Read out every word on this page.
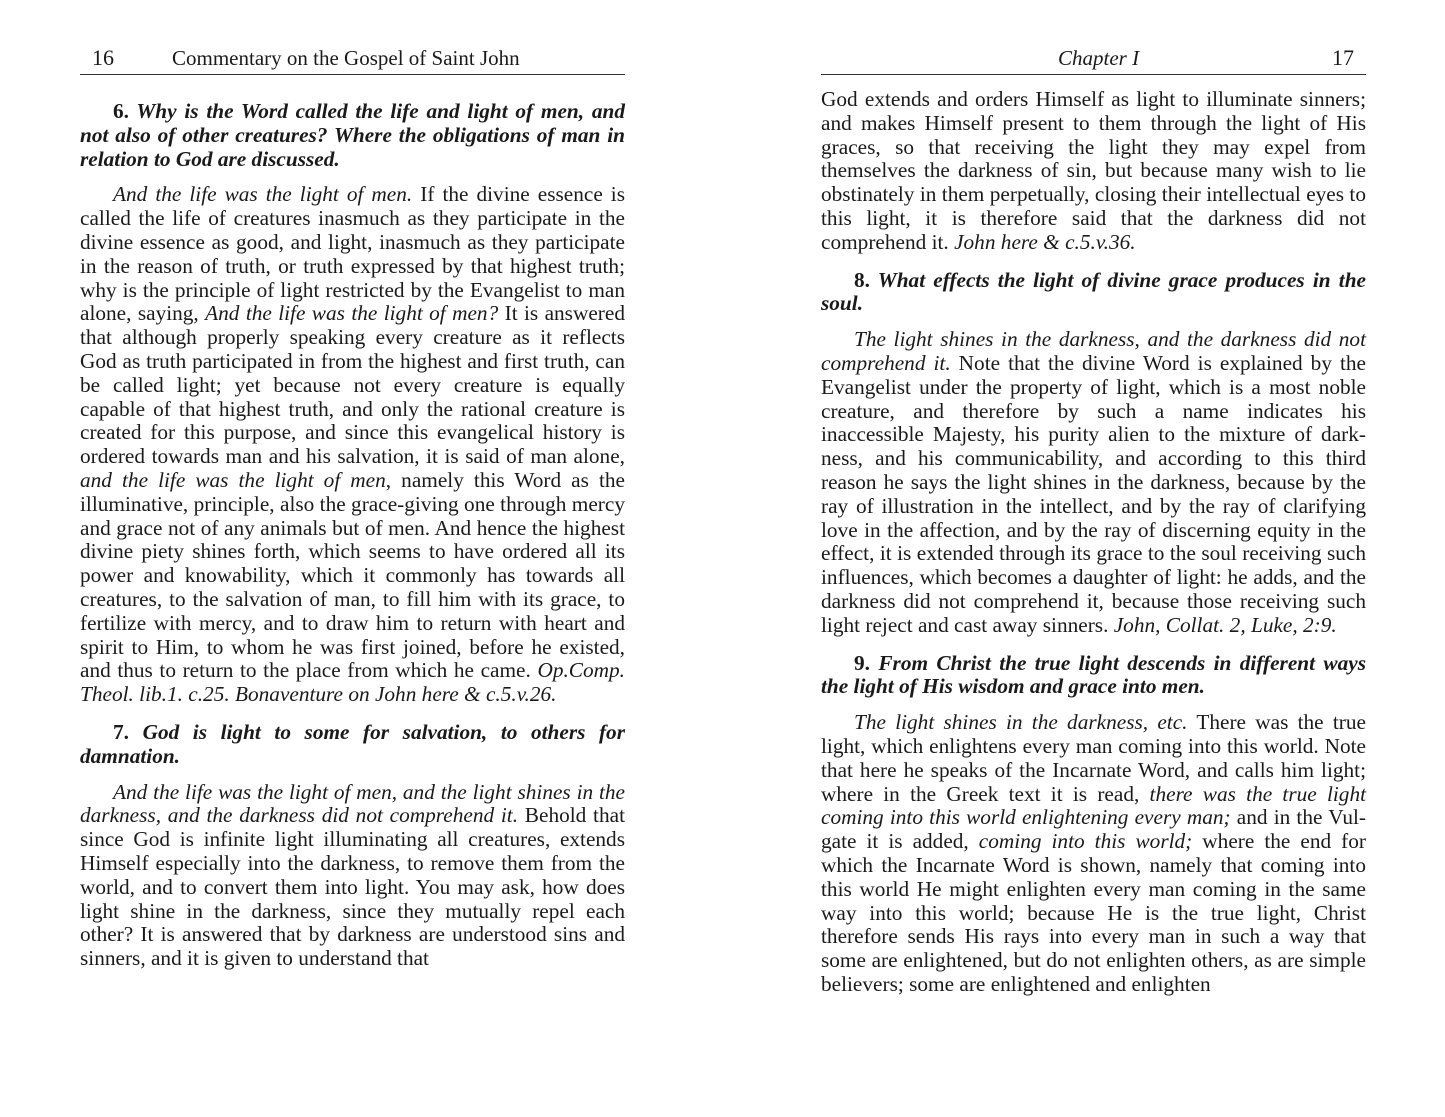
16	Commentary on the Gospel of Saint John

6. Why is the Word called the life and light of men, and not also of other creatures? Where the obligations of man in relation to God are discussed.

And the life was the light of men. If the divine essence is called the life of creatures inasmuch as they participate in the divine essence as good, and light, inasmuch as they participate in the reason of truth, or truth expressed by that highest truth; why is the principle of light restricted by the Evangelist to man alone, saying, And the life was the light of men? It is answered that although properly speaking every creature as it reflects God as truth participated in from the highest and first truth, can be called light; yet because not every creature is equally capable of that highest truth, and only the rational creature is created for this purpose, and since this evangelical history is ordered towards man and his salvation, it is said of man alone, and the life was the light of men, namely this Word as the illuminative, principle, also the grace-giving one through mercy and grace not of any animals but of men. And hence the highest divine piety shines forth, which seems to have ordered all its power and knowability, which it commonly has towards all creatures, to the salvation of man, to fill him with its grace, to fertilize with mercy, and to draw him to return with heart and spirit to Him, to whom he was first joined, before he existed, and thus to return to the place from which he came. Op.Comp. Theol. lib.1. c.25. Bonaventure on John here & c.5.v.26.

7. God is light to some for salvation, to others for damnation.

And the life was the light of men, and the light shines in the darkness, and the darkness did not comprehend it. Behold that since God is infinite light illuminating all creatures, extends Himself especially into the darkness, to remove them from the world, and to convert them into light. You may ask, how does light shine in the darkness, since they mutually repel each other? It is answered that by darkness are understood sins and sinners, and it is given to understand that

Chapter I	17

God extends and orders Himself as light to illuminate sinners; and makes Himself present to them through the light of His graces, so that receiving the light they may expel from themselves the darkness of sin, but because many wish to lie obstinately in them perpetually, closing their intellectual eyes to this light, it is therefore said that the darkness did not comprehend it. John here & c.5.v.36.

8. What effects the light of divine grace produces in the soul.

The light shines in the darkness, and the darkness did not comprehend it. Note that the divine Word is explained by the Evangelist under the property of light, which is a most noble creature, and therefore by such a name indicates his inaccessible Majesty, his purity alien to the mixture of darkness, and his communicability, and according to this third reason he says the light shines in the darkness, because by the ray of illustration in the intellect, and by the ray of clarifying love in the affection, and by the ray of discerning equity in the effect, it is extended through its grace to the soul receiving such influences, which becomes a daughter of light: he adds, and the darkness did not comprehend it, because those receiving such light reject and cast away sinners. John, Collat. 2, Luke, 2:9.

9. From Christ the true light descends in different ways the light of His wisdom and grace into men.

The light shines in the darkness, etc. There was the true light, which enlightens every man coming into this world. Note that here he speaks of the Incarnate Word, and calls him light; where in the Greek text it is read, there was the true light coming into this world enlightening every man; and in the Vulgate it is added, coming into this world; where the end for which the Incarnate Word is shown, namely that coming into this world He might enlighten every man coming in the same way into this world; because He is the true light, Christ therefore sends His rays into every man in such a way that some are enlightened, but do not enlighten others, as are simple believers; some are enlightened and enlighten
